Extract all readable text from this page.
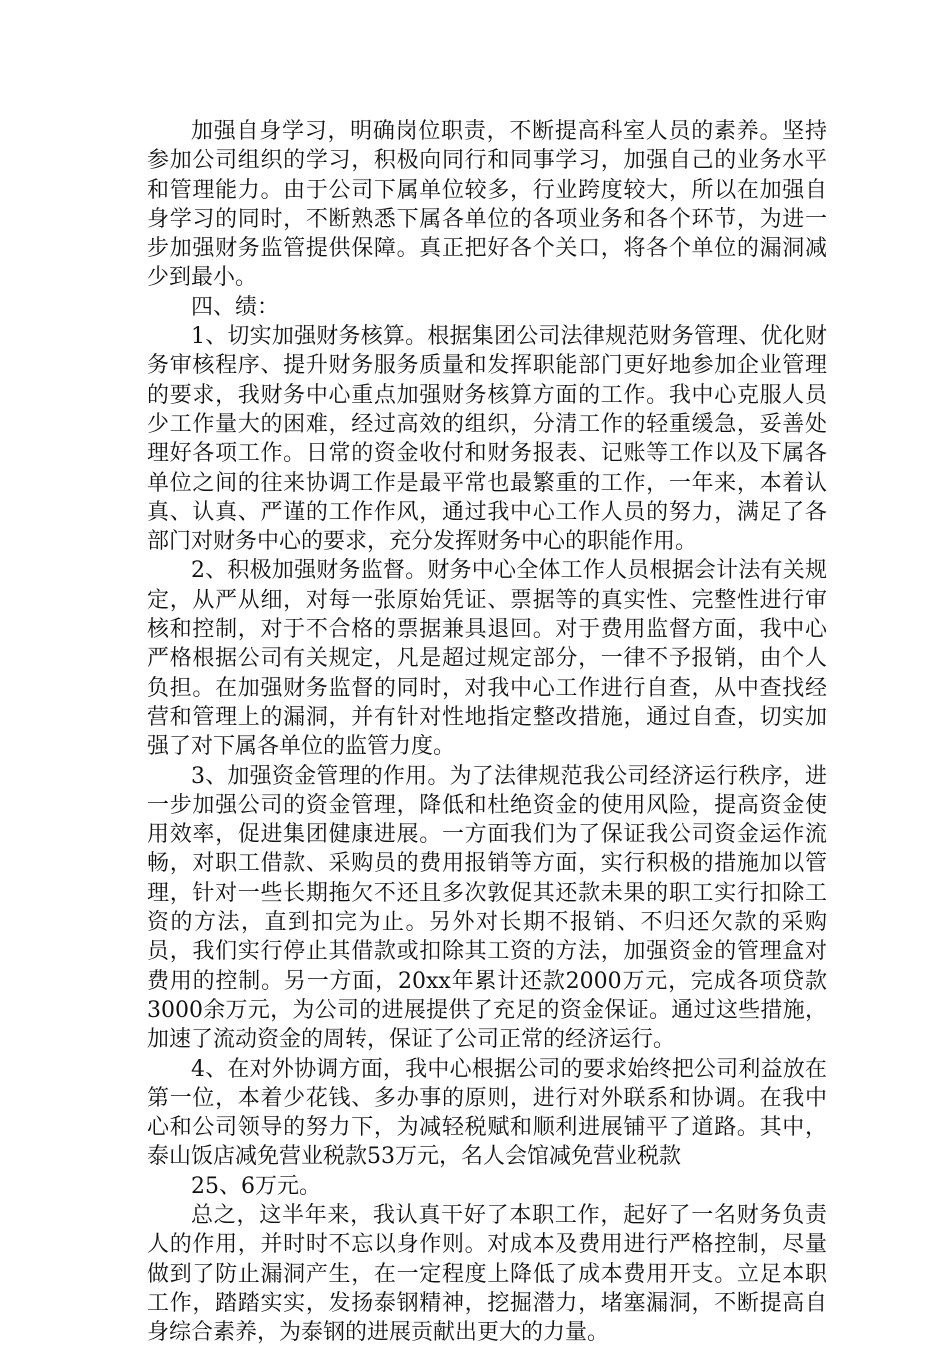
加强自身学习，明确岗位职责，不断提高科室人员的素养。坚持参加公司组织的学习，积极向同行和同事学习，加强自己的业务水平和管理能力。由于公司下属单位较多，行业跨度较大，所以在加强自身学习的同时，不断熟悉下属各单位的各项业务和各个环节，为进一步加强财务监管提供保障。真正把好各个关口，将各个单位的漏洞减少到最小。

四、绩：

1、切实加强财务核算。根据集团公司法律规范财务管理、优化财务审核程序、提升财务服务质量和发挥职能部门更好地参加企业管理的要求，我财务中心重点加强财务核算方面的工作。我中心克服人员少工作量大的困难，经过高效的组织，分清工作的轻重缓急，妥善处理好各项工作。日常的资金收付和财务报表、记账等工作以及下属各单位之间的往来协调工作是最平常也最繁重的工作，一年来，本着认真、认真、严谨的工作作风，通过我中心工作人员的努力，满足了各部门对财务中心的要求，充分发挥财务中心的职能作用。

2、积极加强财务监督。财务中心全体工作人员根据会计法有关规定，从严从细，对每一张原始凭证、票据等的真实性、完整性进行审核和控制，对于不合格的票据兼具退回。对于费用监督方面，我中心严格根据公司有关规定，凡是超过规定部分，一律不予报销，由个人负担。在加强财务监督的同时，对我中心工作进行自查，从中查找经营和管理上的漏洞，并有针对性地指定整改措施，通过自查，切实加强了对下属各单位的监管力度。

3、加强资金管理的作用。为了法律规范我公司经济运行秩序，进一步加强公司的资金管理，降低和杜绝资金的使用风险，提高资金使用效率，促进集团健康进展。一方面我们为了保证我公司资金运作流畅，对职工借款、采购员的费用报销等方面，实行积极的措施加以管理，针对一些长期拖欠不还且多次敦促其还款未果的职工实行扣除工资的方法，直到扣完为止。另外对长期不报销、不归还欠款的采购员，我们实行停止其借款或扣除其工资的方法，加强资金的管理盒对费用的控制。另一方面，20xx年累计还款2000万元，完成各项贷款3000余万元，为公司的进展提供了充足的资金保证。通过这些措施，加速了流动资金的周转，保证了公司正常的经济运行。

4、在对外协调方面，我中心根据公司的要求始终把公司利益放在第一位，本着少花钱、多办事的原则，进行对外联系和协调。在我中心和公司领导的努力下，为减轻税赋和顺利进展铺平了道路。其中，泰山饭店减免营业税款53万元，名人会馆减免营业税款

25、6万元。

总之，这半年来，我认真干好了本职工作，起好了一名财务负责人的作用，并时时不忘以身作则。对成本及费用进行严格控制，尽量做到了防止漏洞产生，在一定程度上降低了成本费用开支。立足本职工作，踏踏实实，发扬泰钢精神，挖掘潜力，堵塞漏洞，不断提高自身综合素养，为泰钢的进展贡献出更大的力量。
